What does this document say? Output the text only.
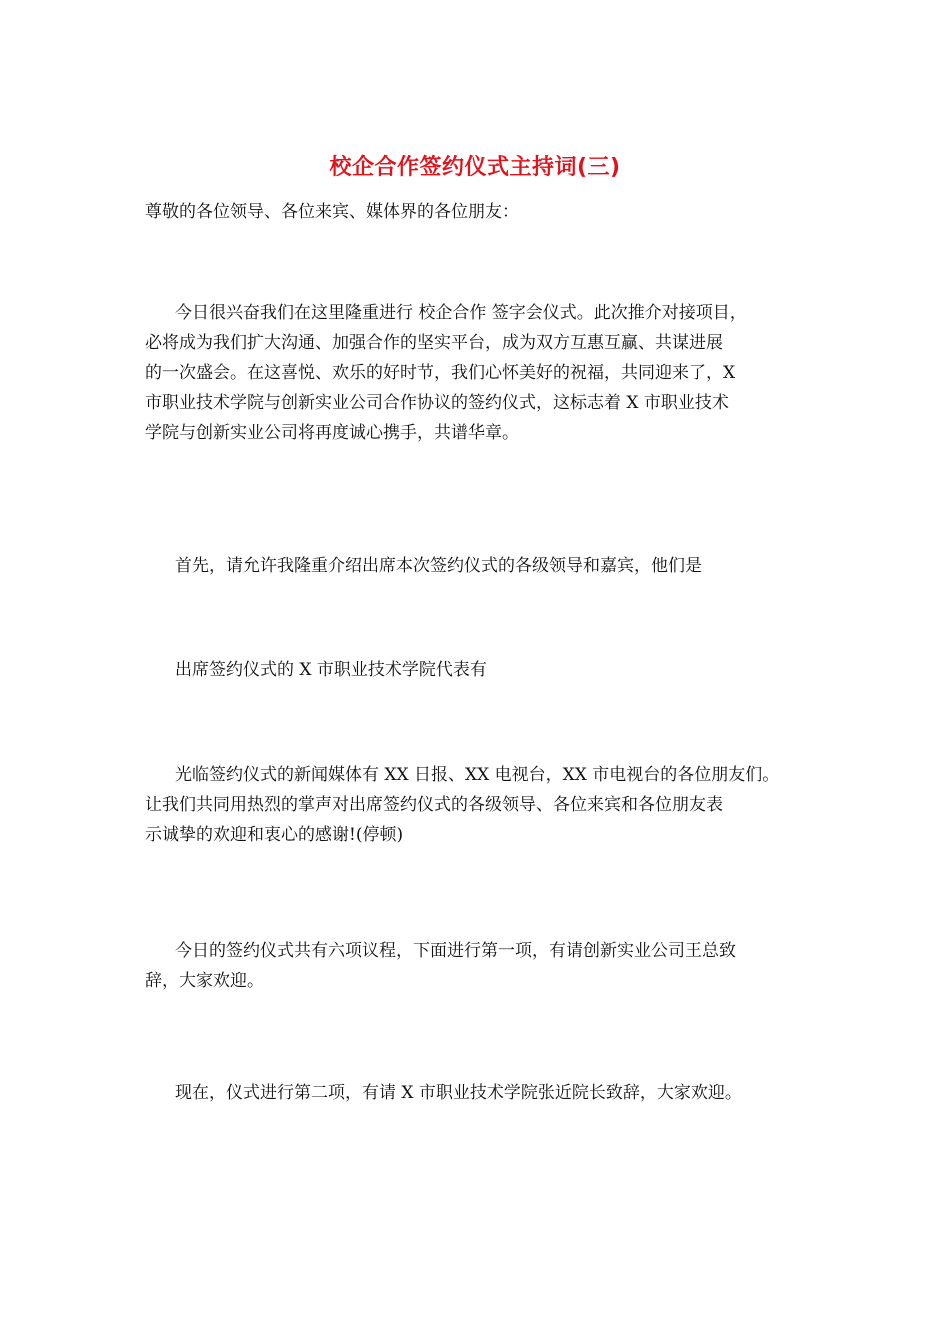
校企合作签约仪式主持词(三)
尊敬的各位领导、各位来宾、媒体界的各位朋友：
今日很兴奋我们在这里隆重进行 校企合作 签字会仪式。此次推介对接项目，
必将成为我们扩大沟通、加强合作的坚实平台，成为双方互惠互赢、共谋进展
的一次盛会。在这喜悦、欢乐的好时节，我们心怀美好的祝福，共同迎来了，X
市职业技术学院与创新实业公司合作协议的签约仪式，这标志着 X 市职业技术
学院与创新实业公司将再度诚心携手，共谱华章。
首先，请允许我隆重介绍出席本次签约仪式的各级领导和嘉宾，他们是
出席签约仪式的 X 市职业技术学院代表有
光临签约仪式的新闻媒体有 XX 日报、XX 电视台，XX 市电视台的各位朋友们。
让我们共同用热烈的掌声对出席签约仪式的各级领导、各位来宾和各位朋友表
示诚挚的欢迎和衷心的感谢!(停顿)
今日的签约仪式共有六项议程，下面进行第一项，有请创新实业公司王总致
辞，大家欢迎。
现在，仪式进行第二项，有请 X 市职业技术学院张近院长致辞，大家欢迎。
